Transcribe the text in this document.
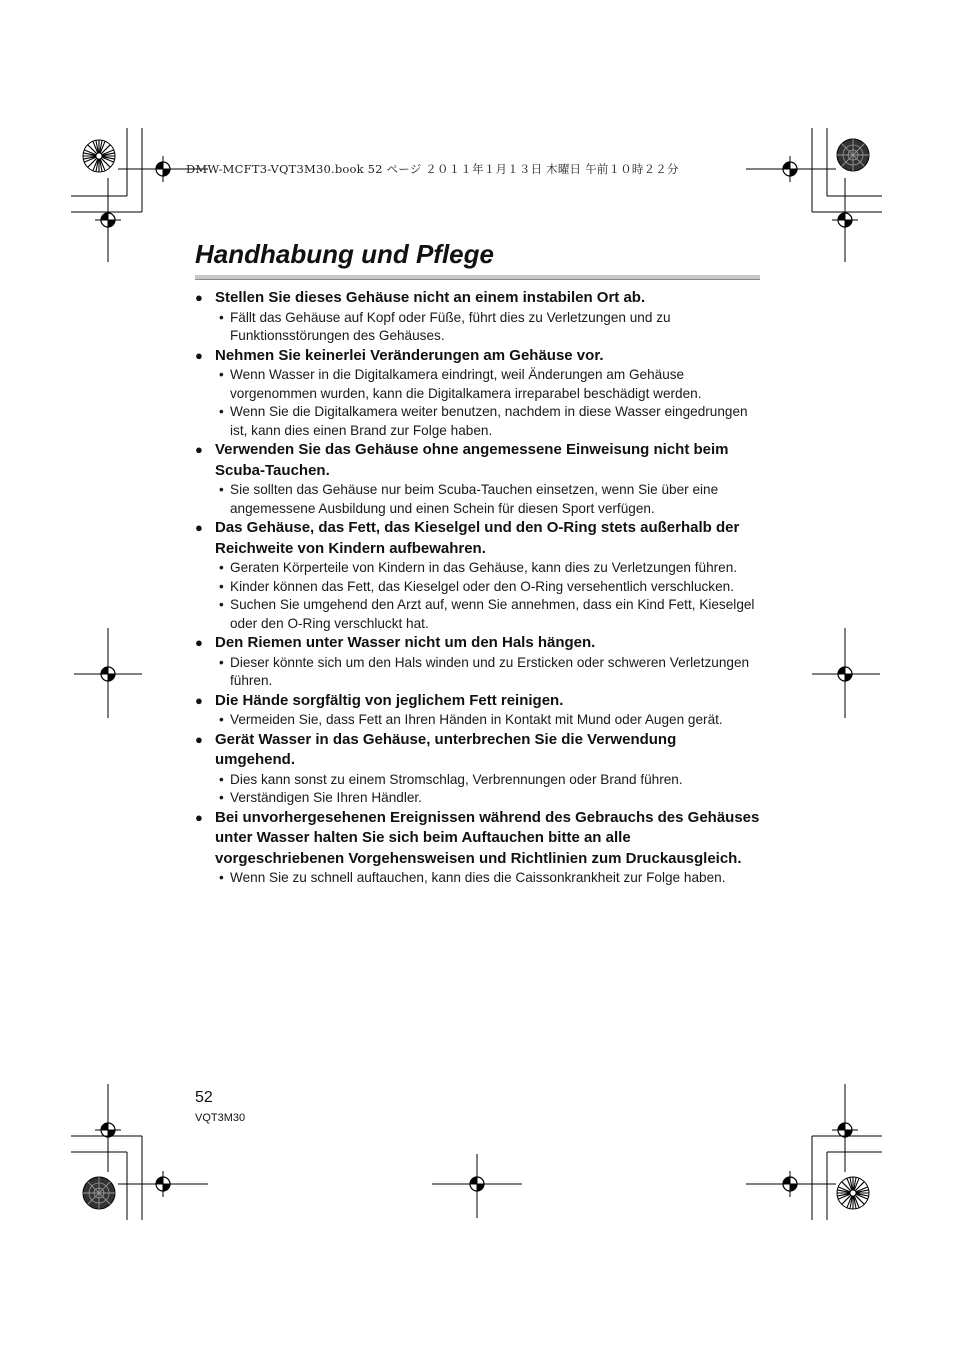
DMW-MCFT3-VQT3M30.book 52 ページ ２０１１年１月１３日 木曜日 午前１０時２２分
Handhabung und Pflege
● Stellen Sie dieses Gehäuse nicht an einem instabilen Ort ab.
• Fällt das Gehäuse auf Kopf oder Füße, führt dies zu Verletzungen und zu Funktionsstörungen des Gehäuses.
● Nehmen Sie keinerlei Veränderungen am Gehäuse vor.
• Wenn Wasser in die Digitalkamera eindringt, weil Änderungen am Gehäuse vorgenommen wurden, kann die Digitalkamera irreparabel beschädigt werden.
• Wenn Sie die Digitalkamera weiter benutzen, nachdem in diese Wasser eingedrungen ist, kann dies einen Brand zur Folge haben.
● Verwenden Sie das Gehäuse ohne angemessene Einweisung nicht beim Scuba-Tauchen.
• Sie sollten das Gehäuse nur beim Scuba-Tauchen einsetzen, wenn Sie über eine angemessene Ausbildung und einen Schein für diesen Sport verfügen.
● Das Gehäuse, das Fett, das Kieselgel und den O-Ring stets außerhalb der Reichweite von Kindern aufbewahren.
• Geraten Körperteile von Kindern in das Gehäuse, kann dies zu Verletzungen führen.
• Kinder können das Fett, das Kieselgel oder den O-Ring versehentlich verschlucken.
• Suchen Sie umgehend den Arzt auf, wenn Sie annehmen, dass ein Kind Fett, Kieselgel oder den O-Ring verschluckt hat.
● Den Riemen unter Wasser nicht um den Hals hängen.
• Dieser könnte sich um den Hals winden und zu Ersticken oder schweren Verletzungen führen.
● Die Hände sorgfältig von jeglichem Fett reinigen.
• Vermeiden Sie, dass Fett an Ihren Händen in Kontakt mit Mund oder Augen gerät.
● Gerät Wasser in das Gehäuse, unterbrechen Sie die Verwendung umgehend.
• Dies kann sonst zu einem Stromschlag, Verbrennungen oder Brand führen.
• Verständigen Sie Ihren Händler.
● Bei unvorhergesehenen Ereignissen während des Gebrauchs des Gehäuses unter Wasser halten Sie sich beim Auftauchen bitte an alle vorgeschriebenen Vorgehensweisen und Richtlinien zum Druckausgleich.
• Wenn Sie zu schnell auftauchen, kann dies die Caissonkrankheit zur Folge haben.
52
VQT3M30
